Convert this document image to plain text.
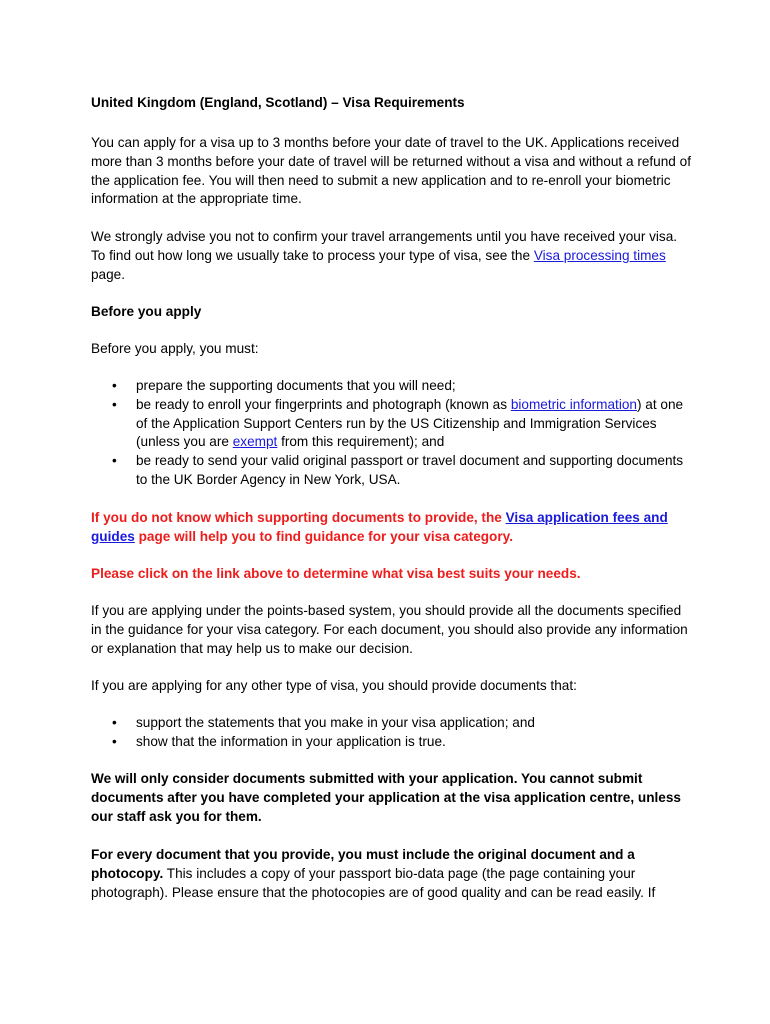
United Kingdom (England, Scotland) – Visa Requirements

You can apply for a visa up to 3 months before your date of travel to the UK. Applications received more than 3 months before your date of travel will be returned without a visa and without a refund of the application fee. You will then need to submit a new application and to re-enroll your biometric information at the appropriate time.

We strongly advise you not to confirm your travel arrangements until you have received your visa. To find out how long we usually take to process your type of visa, see the Visa processing times page.

Before you apply

Before you apply, you must:

• prepare the supporting documents that you will need;
• be ready to enroll your fingerprints and photograph (known as biometric information) at one of the Application Support Centers run by the US Citizenship and Immigration Services (unless you are exempt from this requirement); and
• be ready to send your valid original passport or travel document and supporting documents to the UK Border Agency in New York, USA.

If you do not know which supporting documents to provide, the Visa application fees and guides page will help you to find guidance for your visa category.

Please click on the link above to determine what visa best suits your needs.

If you are applying under the points-based system, you should provide all the documents specified in the guidance for your visa category. For each document, you should also provide any information or explanation that may help us to make our decision.

If you are applying for any other type of visa, you should provide documents that:

• support the statements that you make in your visa application; and
• show that the information in your application is true.

We will only consider documents submitted with your application. You cannot submit documents after you have completed your application at the visa application centre, unless our staff ask you for them.

For every document that you provide, you must include the original document and a photocopy. This includes a copy of your passport bio-data page (the page containing your photograph). Please ensure that the photocopies are of good quality and can be read easily. If
